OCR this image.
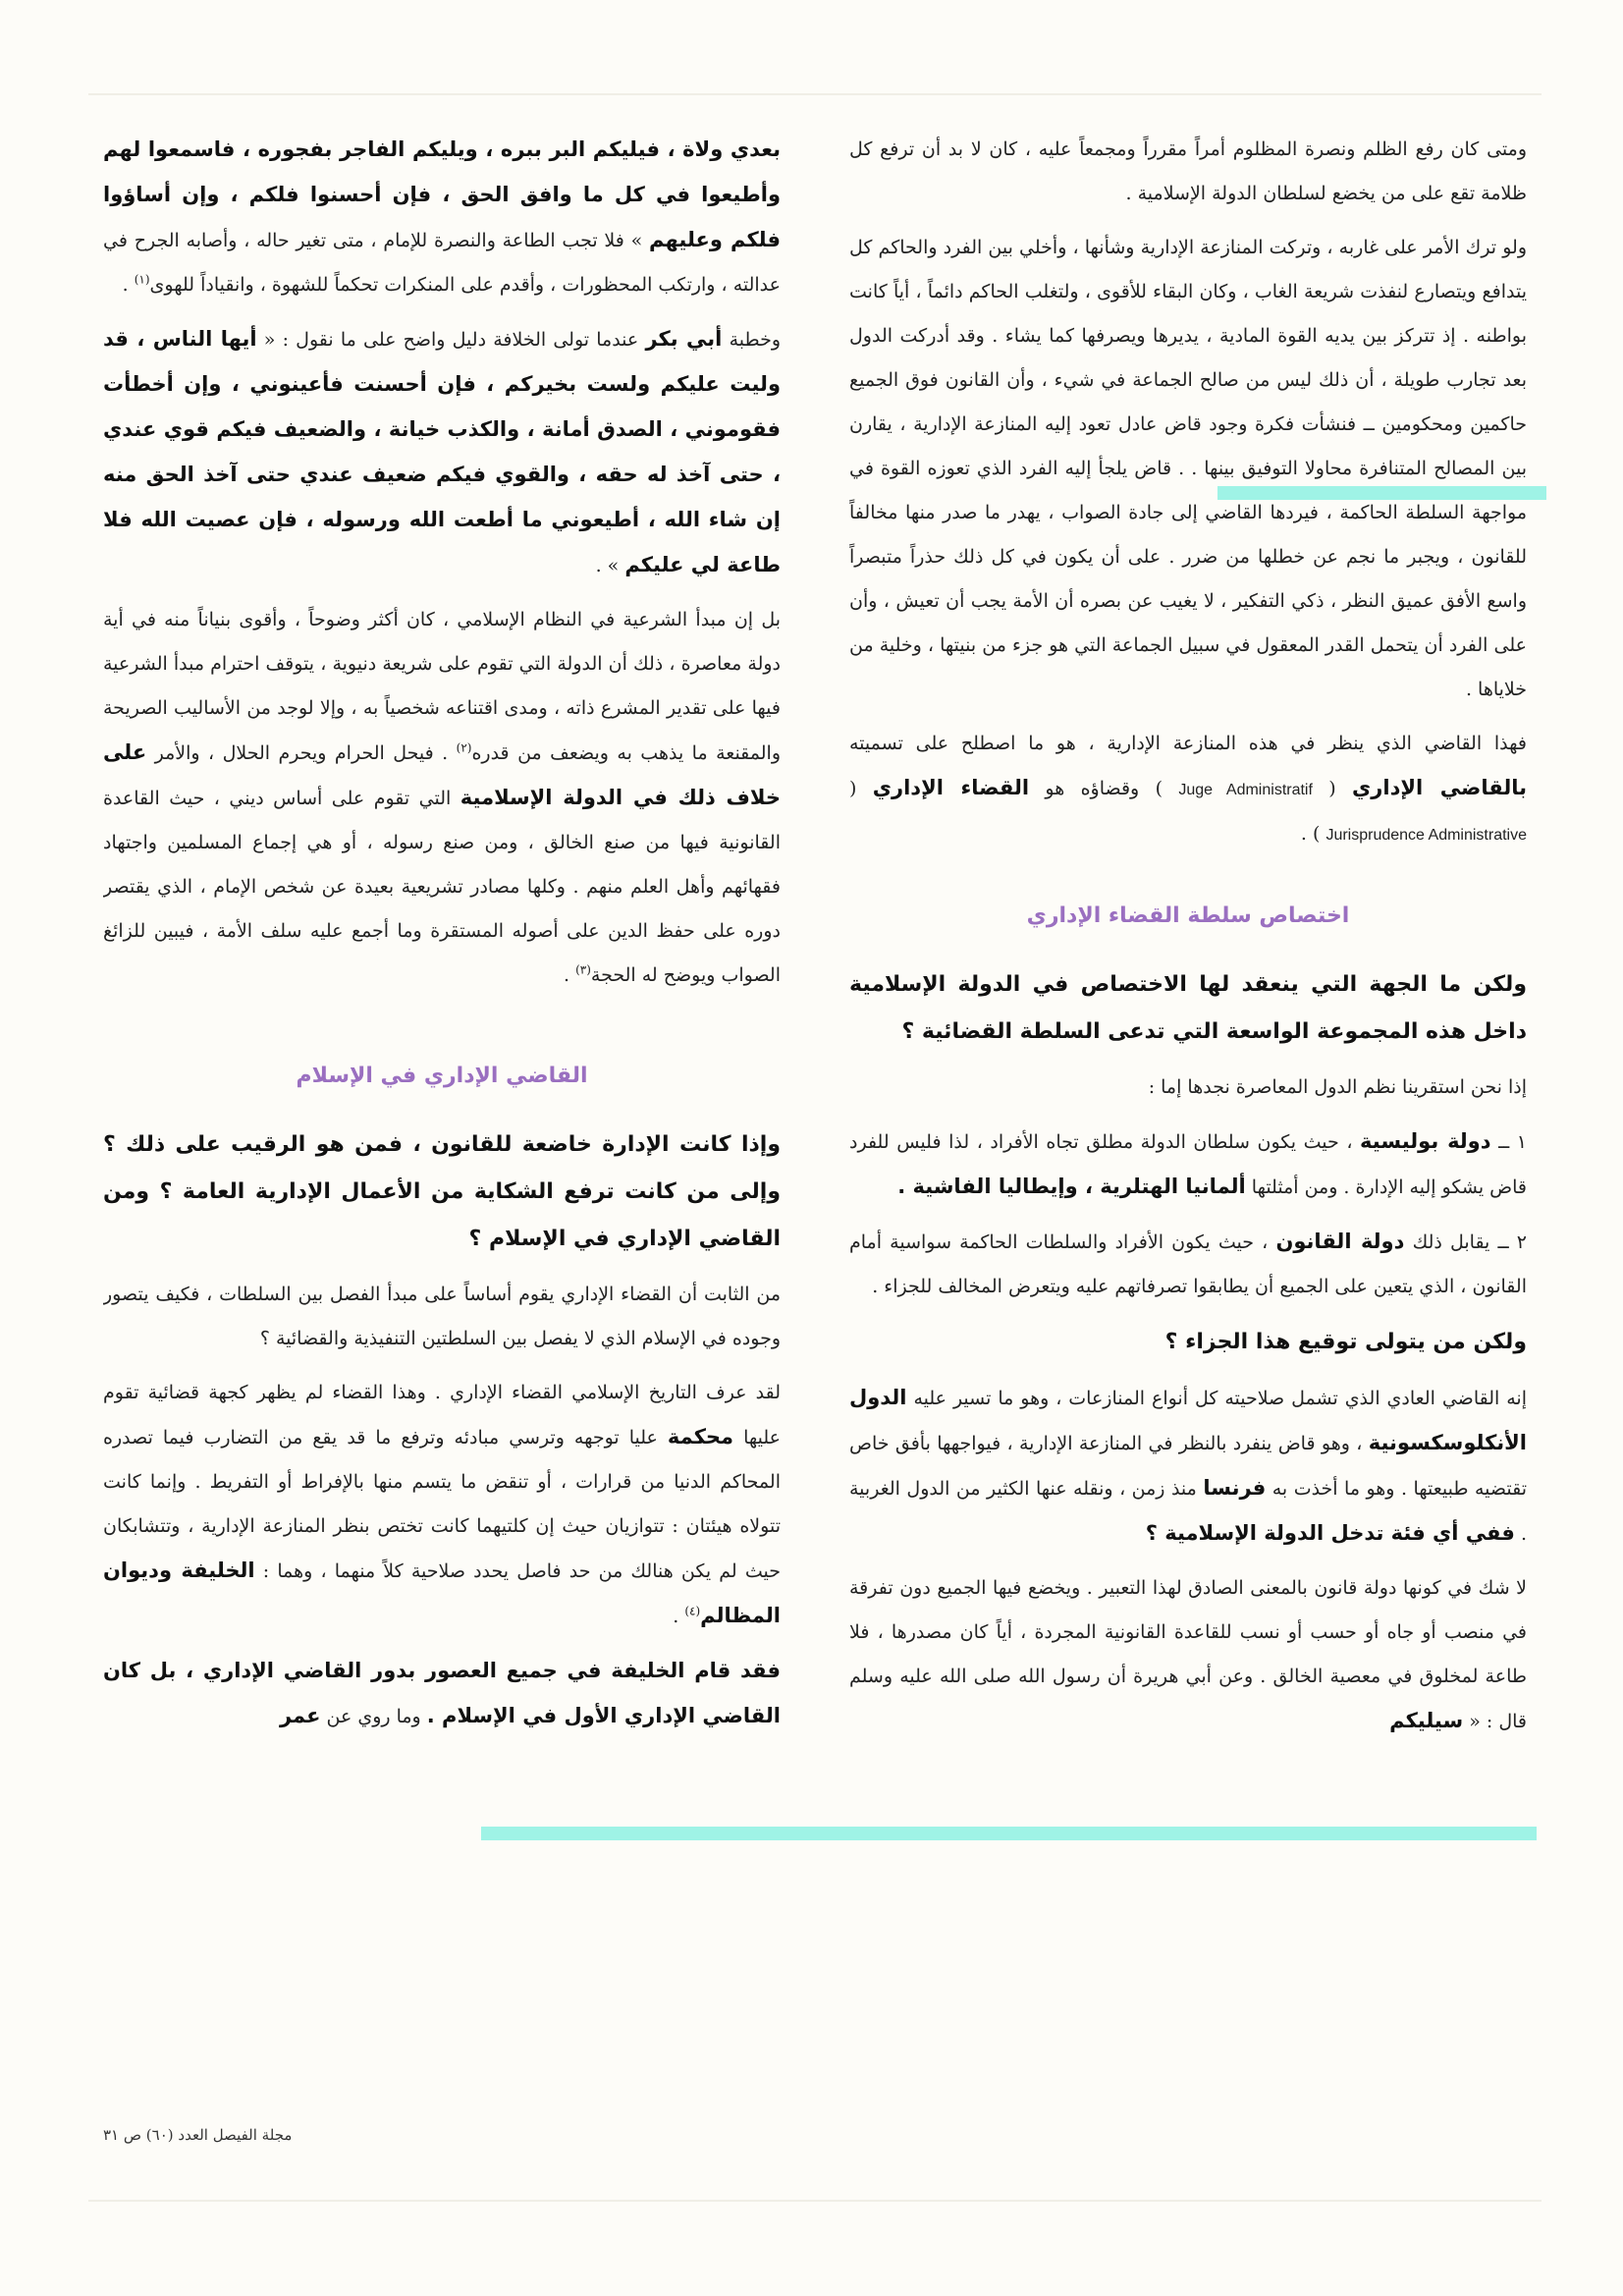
ومتى كان رفع الظلم ونصرة المظلوم أمراً مقرراً ومجمعاً عليه ، كان لا بد أن ترفع كل ظلامة تقع على من يخضع لسلطان الدولة الإسلامية .

ولو ترك الأمر على غاربه ، وتركت المنازعة الإدارية وشأنها ، وأخلي بين الفرد والحاكم كل يتدافع ويتصارع لنفذت شريعة الغاب ، وكان البقاء للأقوى ، ولتغلب الحاكم دائماً ، أياً كانت بواطنه . إذ تتركز بين يديه القوة المادية ، يديرها ويصرفها كما يشاء . وقد أدركت الدول بعد تجارب طويلة ، أن ذلك ليس من صالح الجماعة في شيء ، وأن القانون فوق الجميع حاكمين ومحكومين ــ فنشأت فكرة وجود قاض عادل تعود إليه المنازعة الإدارية ، يقارن بين المصالح المتنافرة محاولا التوفيق بينها . . قاض يلجأ إليه الفرد الذي تعوزه القوة في مواجهة السلطة الحاكمة ، فيردها القاضي إلى جادة الصواب ، يهدر ما صدر منها مخالفاً للقانون ، ويجبر ما نجم عن خطلها من ضرر . على أن يكون في كل ذلك حذراً متبصراً واسع الأفق عميق النظر ، ذكي التفكير ، لا يغيب عن بصره أن الأمة يجب أن تعيش ، وأن على الفرد أن يتحمل القدر المعقول في سبيل الجماعة التي هو جزء من بنيتها ، وخلية من خلاياها .

فهذا القاضي الذي ينظر في هذه المنازعة الإدارية ، هو ما اصطلح على تسميته بالقاضي الإداري ( Juge Administratif ) وقضاؤه هو القضاء الإداري ( Jurisprudence Administrative ) .

اختصاص سلطة القضاء الإداري

ولكن ما الجهة التي ينعقد لها الاختصاص في الدولة الإسلامية داخل هذه المجموعة الواسعة التي تدعى السلطة القضائية ؟

إذا نحن استقرينا نظم الدول المعاصرة نجدها إما :

١ ــ دولة بوليسية ، حيث يكون سلطان الدولة مطلق تجاه الأفراد ، لذا فليس للفرد قاض يشكو إليه الإدارة . ومن أمثلتها ألمانيا الهتلرية ، وإيطاليا الفاشية .

٢ ــ يقابل ذلك دولة القانون ، حيث يكون الأفراد والسلطات الحاكمة سواسية أمام القانون ، الذي يتعين على الجميع أن يطابقوا تصرفاتهم عليه ويتعرض المخالف للجزاء .

ولكن من يتولى توقيع هذا الجزاء ؟

إنه القاضي العادي الذي تشمل صلاحيته كل أنواع المنازعات ، وهو ما تسير عليه الدول الأنكلوسكسونية ، وهو قاض ينفرد بالنظر في المنازعة الإدارية ، فيواجهها بأفق خاص تقتضيه طبيعتها . وهو ما أخذت به فرنسا منذ زمن ، ونقله عنها الكثير من الدول الغربية . ففي أي فئة تدخل الدولة الإسلامية ؟

لا شك في كونها دولة قانون بالمعنى الصادق لهذا التعبير . ويخضع فيها الجميع دون تفرقة في منصب أو جاه أو حسب أو نسب للقاعدة القانونية المجردة ، أياً كان مصدرها ، فلا طاعة لمخلوق في معصية الخالق . وعن أبي هريرة أن رسول الله صلى الله عليه وسلم قال : « سيليكم

بعدي ولاة ، فيليكم البر ببره ، ويليكم الفاجر بفجوره ، فاسمعوا لهم وأطيعوا في كل ما وافق الحق ، فإن أحسنوا فلكم ، وإن أساؤوا فلكم وعليهم » فلا تجب الطاعة والنصرة للإمام ، متى تغير حاله ، وأصابه الجرح في عدالته ، وارتكب المحظورات ، وأقدم على المنكرات تحكماً للشهوة ، وانقياداً للهوى$^{(١)}$ .

وخطبة أبي بكر عندما تولى الخلافة دليل واضح على ما نقول : « أيها الناس ، قد وليت عليكم ولست بخيركم ، فإن أحسنت فأعينوني ، وإن أخطأت فقوموني ، الصدق أمانة ، والكذب خيانة ، والضعيف فيكم قوي عندي ، حتى آخذ له حقه ، والقوي فيكم ضعيف عندي حتى آخذ الحق منه إن شاء الله ، أطيعوني ما أطعت الله ورسوله ، فإن عصيت الله فلا طاعة لي عليكم » .

بل إن مبدأ الشرعية في النظام الإسلامي ، كان أكثر وضوحاً ، وأقوى بنياناً منه في أية دولة معاصرة ، ذلك أن الدولة التي تقوم على شريعة دنيوية ، يتوقف احترام مبدأ الشرعية فيها على تقدير المشرع ذاته ، ومدى اقتناعه شخصياً به ، وإلا لوجد من الأساليب الصريحة والمقنعة ما يذهب به ويضعف من قدره$^{(٢)}$ . فيحل الحرام ويحرم الحلال ، والأمر على خلاف ذلك في الدولة الإسلامية التي تقوم على أساس ديني ، حيث القاعدة القانونية فيها من صنع الخالق ، ومن صنع رسوله ، أو هي إجماع المسلمين واجتهاد فقهائهم وأهل العلم منهم . وكلها مصادر تشريعية بعيدة عن شخص الإمام ، الذي يقتصر دوره على حفظ الدين على أصوله المستقرة وما أجمع عليه سلف الأمة ، فيبين للزائغ الصواب ويوضح له الحجة$^{(٣)}$ .

القاضي الإداري في الإسلام

وإذا كانت الإدارة خاضعة للقانون ، فمن هو الرقيب على ذلك ؟ وإلى من كانت ترفع الشكاية من الأعمال الإدارية العامة ؟ ومن القاضي الإداري في الإسلام ؟

من الثابت أن القضاء الإداري يقوم أساساً على مبدأ الفصل بين السلطات ، فكيف يتصور وجوده في الإسلام الذي لا يفصل بين السلطتين التنفيذية والقضائية ؟

لقد عرف التاريخ الإسلامي القضاء الإداري . وهذا القضاء لم يظهر كجهة قضائية تقوم عليها محكمة عليا توجهه وترسي مبادئه وترفع ما قد يقع من التضارب فيما تصدره المحاكم الدنيا من قرارات ، أو تنقض ما يتسم منها بالإفراط أو التفريط . وإنما كانت تتولاه هيئتان : تتوازيان حيث إن كلتيهما كانت تختص بنظر المنازعة الإدارية ، وتتشابكان حيث لم يكن هنالك من حد فاصل يحدد صلاحية كلاً منهما ، وهما : الخليفة وديوان المظالم$^{(٤)}$ .

فقد قام الخليفة في جميع العصور بدور القاضي الإداري ، بل كان القاضي الإداري الأول في الإسلام . وما روي عن عمر

مجلة الفيصل العدد (٦٠) ص ٣١
